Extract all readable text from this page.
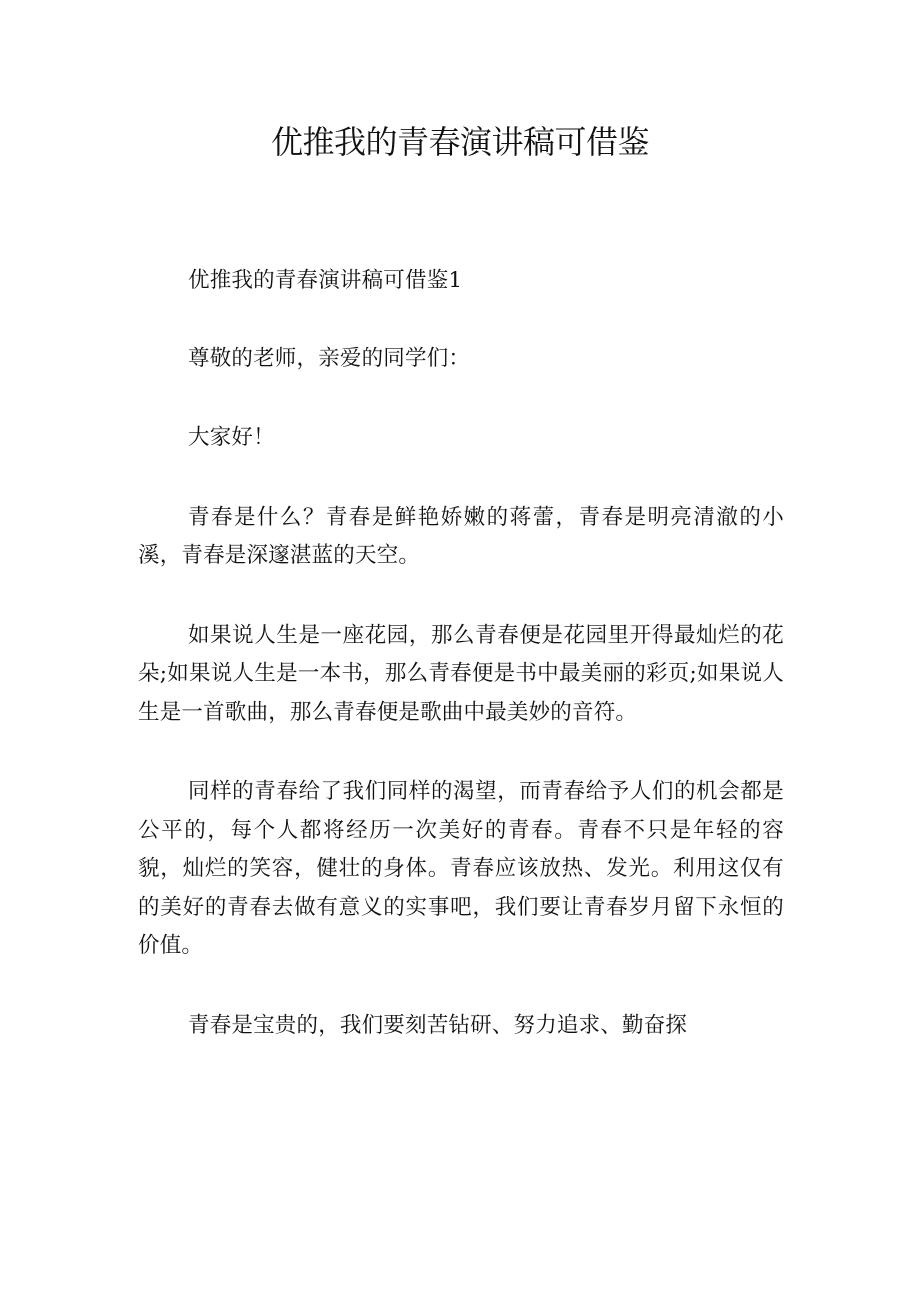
优推我的青春演讲稿可借鉴

优推我的青春演讲稿可借鉴1

尊敬的老师，亲爱的同学们：

大家好！

青春是什么？青春是鲜艳娇嫩的蒋蕾，青春是明亮清澈的小溪，青春是深邃湛蓝的天空。

如果说人生是一座花园，那么青春便是花园里开得最灿烂的花朵;如果说人生是一本书，那么青春便是书中最美丽的彩页;如果说人生是一首歌曲，那么青春便是歌曲中最美妙的音符。

同样的青春给了我们同样的渴望，而青春给予人们的机会都是公平的，每个人都将经历一次美好的青春。青春不只是年轻的容貌，灿烂的笑容，健壮的身体。青春应该放热、发光。利用这仅有的美好的青春去做有意义的实事吧，我们要让青春岁月留下永恒的价值。

青春是宝贵的，我们要刻苦钻研、努力追求、勤奋探
